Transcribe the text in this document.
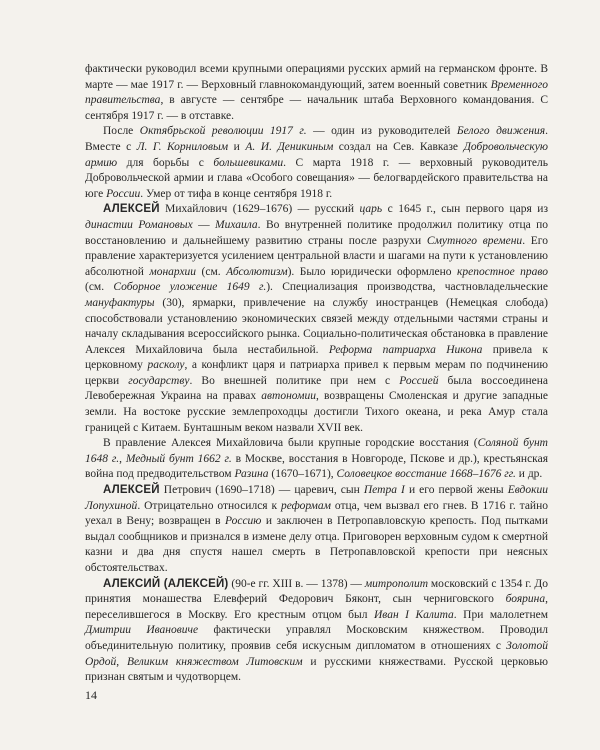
фактически руководил всеми крупными операциями русских армий на германском фронте. В марте — мае 1917 г. — Верховный главнокомандующий, затем военный советник Временного правительства, в августе — сентябре — начальник штаба Верховного командования. С сентября 1917 г. — в отставке.

После Октябрьской революции 1917 г. — один из руководителей Белого движения. Вместе с Л. Г. Корниловым и А. И. Деникиным создал на Сев. Кавказе Добровольческую армию для борьбы с большевиками. С марта 1918 г. — верховный руководитель Добровольческой армии и глава «Особого совещания» — белогвардейского правительства на юге России. Умер от тифа в конце сентября 1918 г.

АЛЕКСЕЙ Михайлович (1629–1676) — русский царь с 1645 г., сын первого царя из династии Романовых — Михаила. Во внутренней политике продолжил политику отца по восстановлению и дальнейшему развитию страны после разрухи Смутного времени. Его правление характеризуется усилением центральной власти и шагами на пути к установлению абсолютной монархии (см. Абсолютизм). Было юридически оформлено крепостное право (см. Соборное уложение 1649 г.). Специализация производства, частновладельческие мануфактуры (30), ярмарки, привлечение на службу иностранцев (Немецкая слобода) способствовали установлению экономических связей между отдельными частями страны и началу складывания всероссийского рынка. Социально-политическая обстановка в правление Алексея Михайловича была нестабильной. Реформа патриарха Никона привела к церковному расколу, а конфликт царя и патриарха привел к первым мерам по подчинению церкви государству. Во внешней политике при нем с Россией была воссоединена Левобережная Украина на правах автономии, возвращены Смоленская и другие западные земли. На востоке русские землепроходцы достигли Тихого океана, и река Амур стала границей с Китаем. Бунташным веком назвали XVII век.

В правление Алексея Михайловича были крупные городские восстания (Соляной бунт 1648 г., Медный бунт 1662 г. в Москве, восстания в Новгороде, Пскове и др.), крестьянская война под предводительством Разина (1670–1671), Соловецкое восстание 1668–1676 гг. и др.

АЛЕКСЕЙ Петрович (1690–1718) — царевич, сын Петра I и его первой жены Евдокии Лопухиной. Отрицательно относился к реформам отца, чем вызвал его гнев. В 1716 г. тайно уехал в Вену; возвращен в Россию и заключен в Петропавловскую крепость. Под пытками выдал сообщников и признался в измене делу отца. Приговорен верховным судом к смертной казни и два дня спустя нашел смерть в Петропавловской крепости при неясных обстоятельствах.

АЛЕКСИЙ (АЛЕКСЕЙ) (90-е гг. XIII в. — 1378) — митрополит московский с 1354 г. До принятия монашества Елевферий Федорович Бяконт, сын черниговского боярина, переселившегося в Москву. Его крестным отцом был Иван I Калита. При малолетнем Дмитрии Ивановиче фактически управлял Московским княжеством. Проводил объединительную политику, проявив себя искусным дипломатом в отношениях с Золотой Ордой, Великим княжеством Литовским и русскими княжествами. Русской церковью признан святым и чудотворцем.

14
